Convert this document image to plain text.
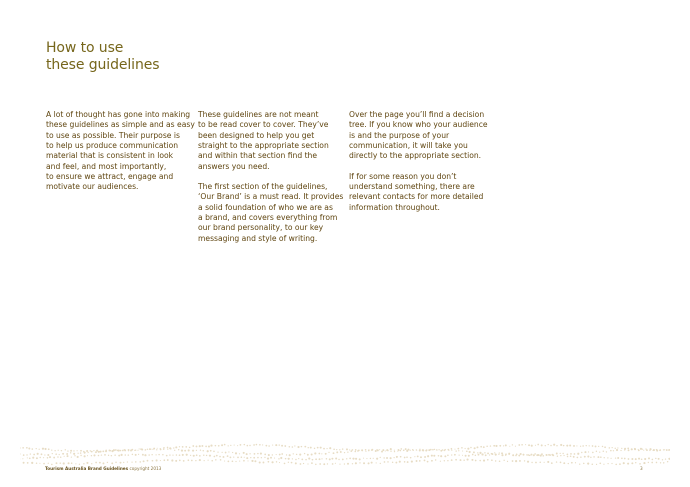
How to use
these guidelines

A lot of thought has gone into making
these guidelines as simple and as easy
to use as possible. Their purpose is
to help us produce communication
material that is consistent in look
and feel, and most importantly,
to ensure we attract, engage and
motivate our audiences.

These guidelines are not meant
to be read cover to cover. They’ve
been designed to help you get
straight to the appropriate section
and within that section find the
answers you need.

The first section of the guidelines,
‘Our Brand’ is a must read. It provides
a solid foundation of who we are as
a brand, and covers everything from
our brand personality, to our key
messaging and style of writing.

Over the page you’ll find a decision
tree. If you know who your audience
is and the purpose of your
communication, it will take you
directly to the appropriate section.

If for some reason you don’t
understand something, there are
relevant contacts for more detailed
information throughout.

Tourism Australia Brand Guidelines copyright 2013	3
